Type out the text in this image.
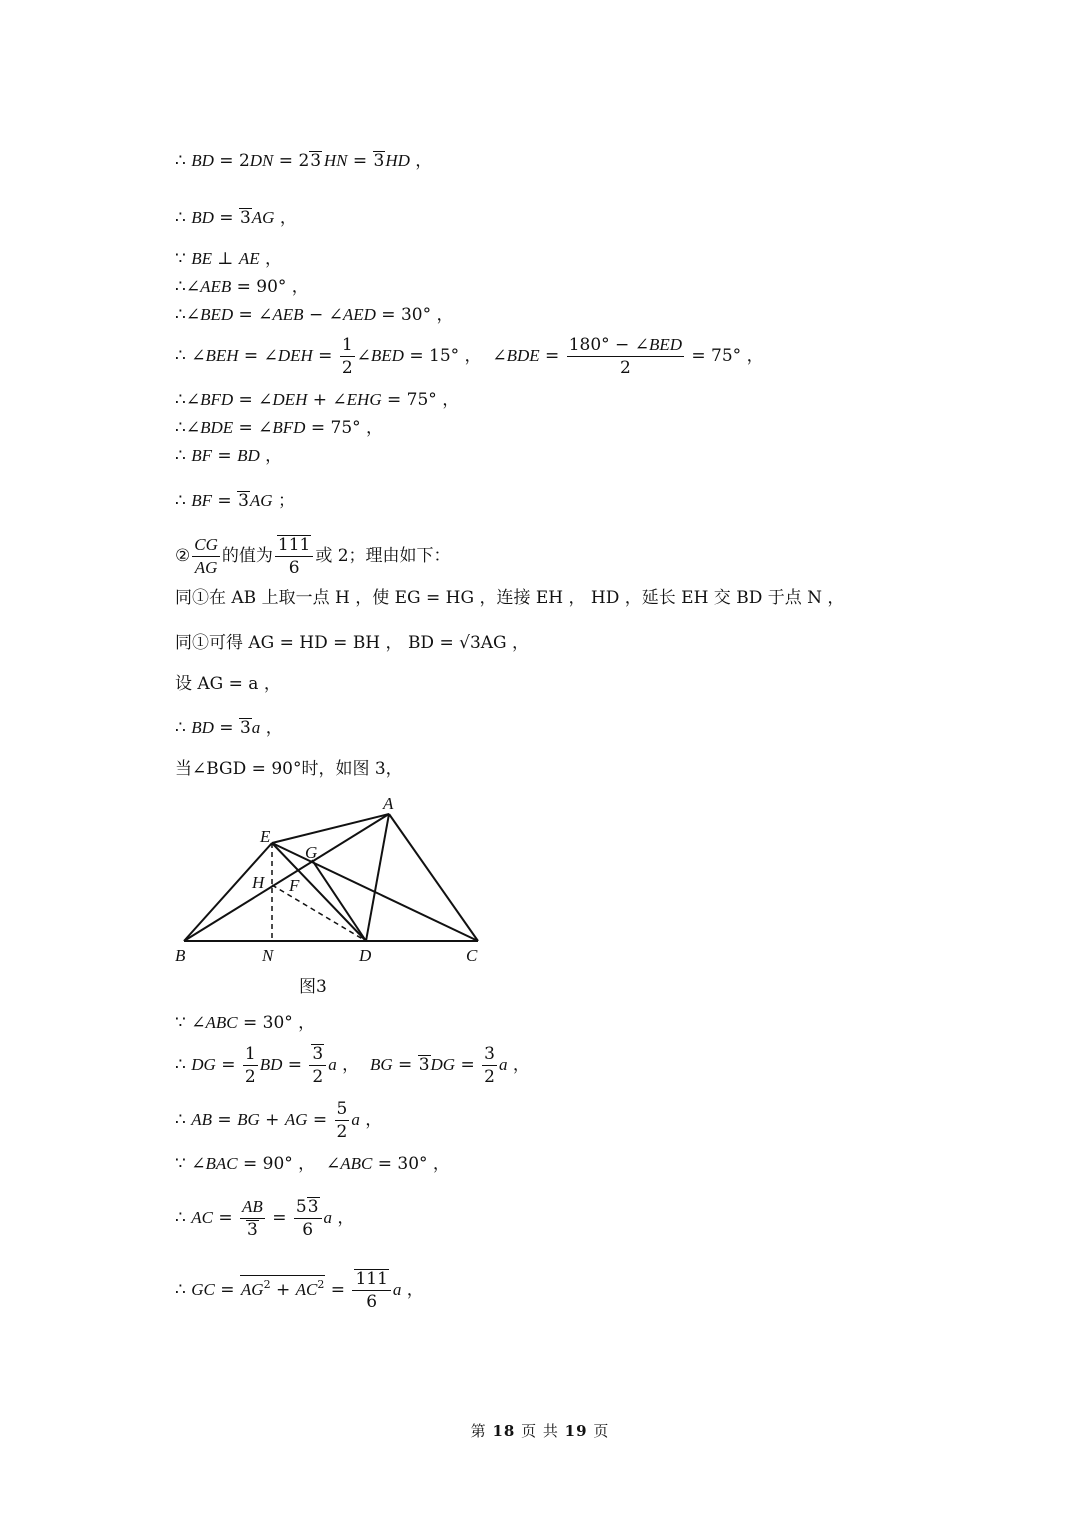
∴ BD = 2DN = 23  HN = 3HD ，
∴ BD = 3AG ，
∵ BE ⊥ AE ，
∴∠AEB = 90° ，
∴∠BED = ∠AEB − ∠AED = 30° ，
∴ ∠BEH = ∠DEH = $\frac{1}{2}$ ∠BED = 15° ，  ∠BDE = $\frac{\text{180° − ∠BED}}{2} = 75^\circ$ ，
∴∠BFD = ∠DEH + ∠EHG = 75° ，
∴∠BDE = ∠BFD = 75° ，
∴ BF = BD ，
∴ BF = 3AG ；
② $\frac{CG}{AG}$ 的值为 $\frac{111}{6}$ 或 2；理由如下：
同①在 AB 上取一点 H ，使 EG = HG ，连接 EH ， HD ，延长 EH 交 BD 于点 N ，
同①可得 AG = HD = BH ， BD = √3AG ，
设 AG = a ，
∴ BD = 3a ，
当∠BGD = 90°时，如图 3，
A
E
G
H F
B	N	D	C
图3
∵ ∠ABC = 30° ，
∴ DG = $\frac{1}{2}$ BD = $\frac{3}{2}$ a ，  BG = $3DG = \frac{3}{2}$ a ，
∴ AB = BG + AG = $\frac{5}{2}$ a ，
∵ ∠BAC = 90° ，  ∠ABC = 30° ，
∴ AC = $\frac{AB}{3} = \frac{53}{6}$ a ，
∴ GC = $AG^2 + AC^2 = \frac{111}{6}$ a ，
第 18 页 共 19 页
